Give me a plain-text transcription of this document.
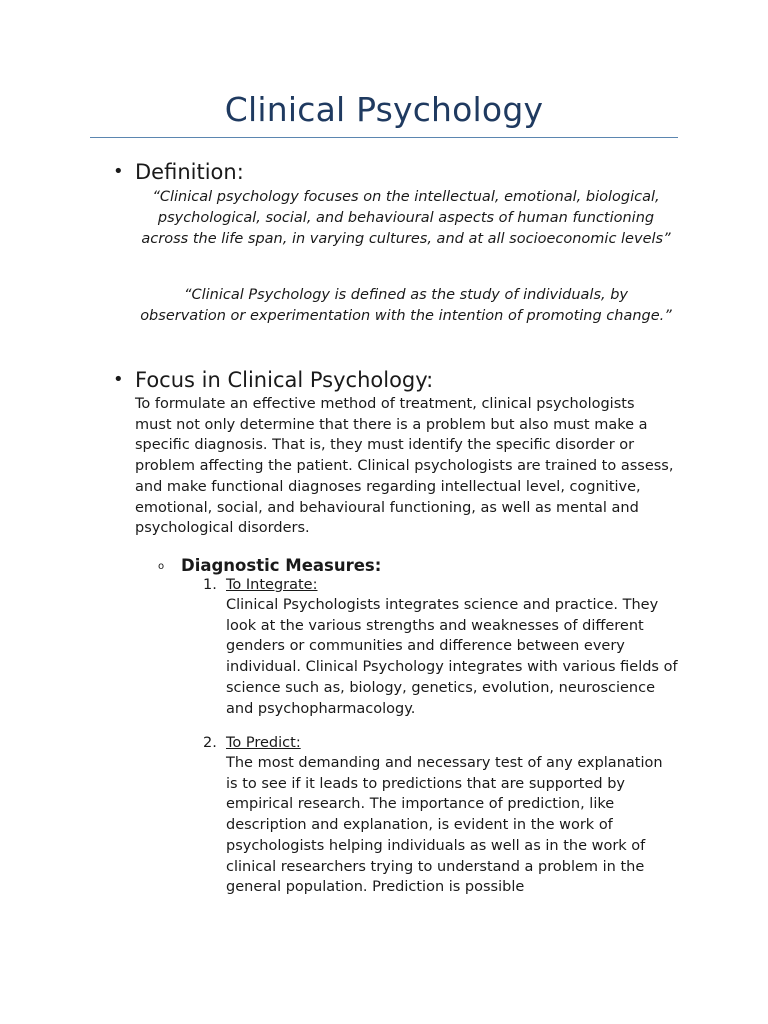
Clinical Psychology
• Definition:

“Clinical psychology focuses on the intellectual, emotional, biological, psychological, social, and behavioural aspects of human functioning across the life span, in varying cultures, and at all socioeconomic levels”

“Clinical Psychology is defined as the study of individuals, by observation or experimentation with the intention of promoting change.”

• Focus in Clinical Psychology:

To formulate an effective method of treatment, clinical psychologists must not only determine that there is a problem but also must make a specific diagnosis. That is, they must identify the specific disorder or problem affecting the patient. Clinical psychologists are trained to assess, and make functional diagnoses regarding intellectual level, cognitive, emotional, social, and behavioural functioning, as well as mental and psychological disorders.

o Diagnostic Measures:
1. To Integrate:

Clinical Psychologists integrates science and practice. They look at the various strengths and weaknesses of different genders or communities and difference between every individual. Clinical Psychology integrates with various fields of science such as, biology, genetics, evolution, neuroscience and psychopharmacology.

2. To Predict:

The most demanding and necessary test of any explanation is to see if it leads to predictions that are supported by empirical research. The importance of prediction, like description and explanation, is evident in the work of psychologists helping individuals as well as in the work of clinical researchers trying to understand a problem in the general population. Prediction is possible
